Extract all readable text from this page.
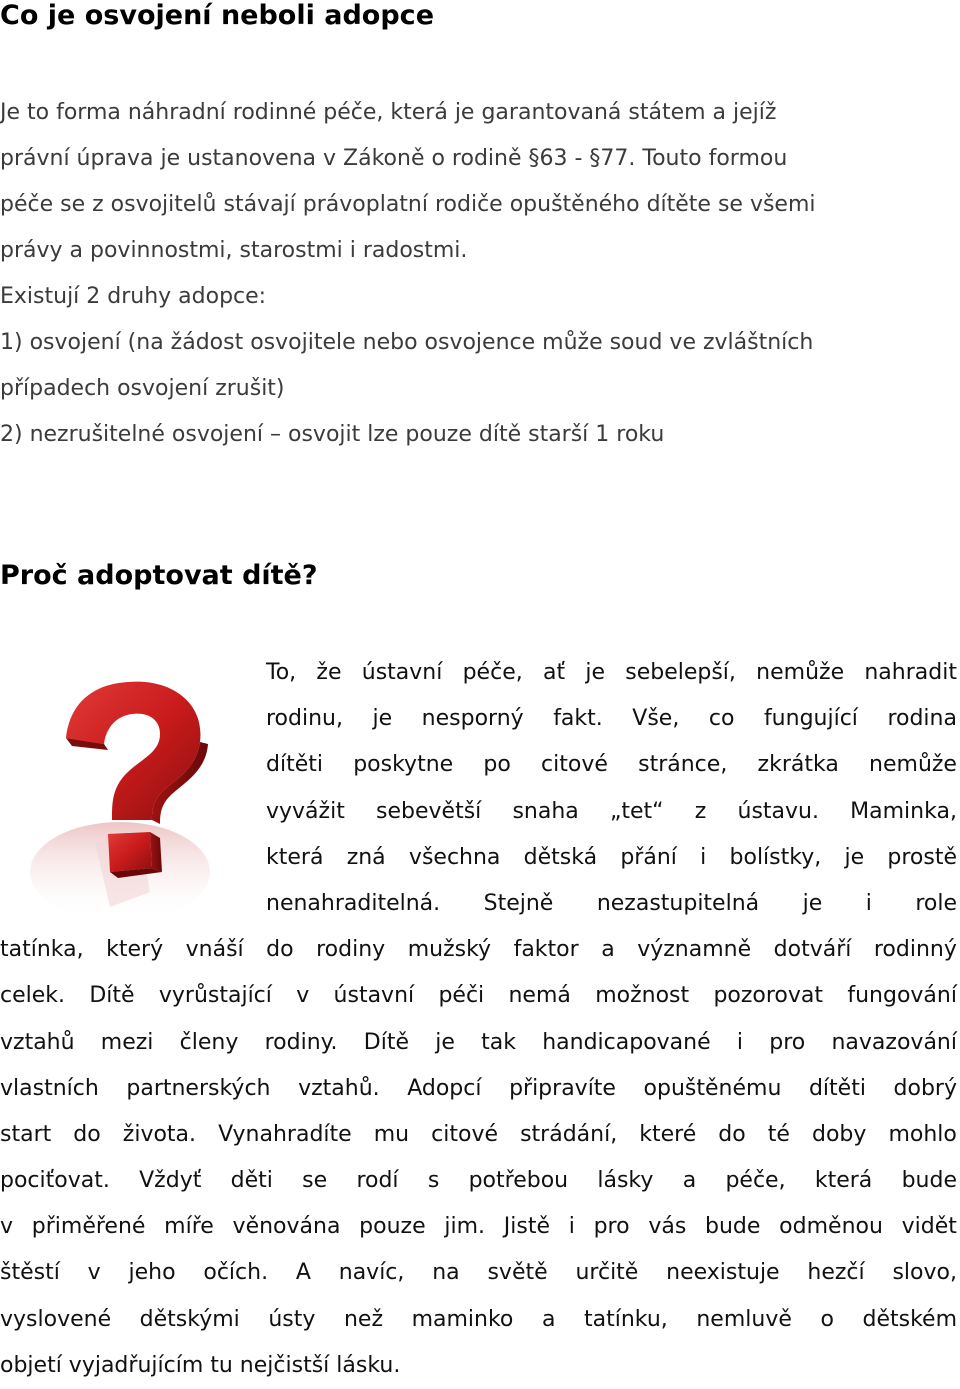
Co je osvojení neboli adopce

Je to forma náhradní rodinné péče, která je garantovaná státem a jejíž

právní úprava je ustanovena v Zákoně o rodině §63 - §77. Touto formou

péče se z osvojitelů stávají právoplatní rodiče opuštěného dítěte se všemi

právy a povinnostmi, starostmi i radostmi.

Existují 2 druhy adopce:

1) osvojení (na žádost osvojitele nebo osvojence může soud ve zvláštních

případech osvojení zrušit)

2) nezrušitelné osvojení – osvojit lze pouze dítě starší 1 roku

Proč adoptovat dítě?
To, že ústavní péče, ať je sebelepší, nemůže nahradit
rodinu, je nesporný fakt. Vše, co fungující rodina
dítěti poskytne po citové stránce, zkrátka nemůže
vyvážit sebevětší snaha „tet“ z ústavu. Maminka,
která zná všechna dětská přání i bolístky, je prostě
nenahraditelná. Stejně nezastupitelná je i role
tatínka, který vnáší do rodiny mužský faktor a významně dotváří rodinný
celek. Dítě vyrůstající v ústavní péči nemá možnost pozorovat fungování
vztahů mezi členy rodiny. Dítě je tak handicapované i pro navazování
vlastních partnerských vztahů. Adopcí připravíte opuštěnému dítěti dobrý
start do života. Vynahradíte mu citové strádání, které do té doby mohlo
pociťovat. Vždyť děti se rodí s potřebou lásky a péče, která bude
v přiměřené míře věnována pouze jim. Jistě i pro vás bude odměnou vidět
štěstí v jeho očích. A navíc, na světě určitě neexistuje hezčí slovo,
vyslovené dětskými ústy než maminko a tatínku, nemluvě o dětském
objetí vyjadřujícím tu nejčistší lásku.
